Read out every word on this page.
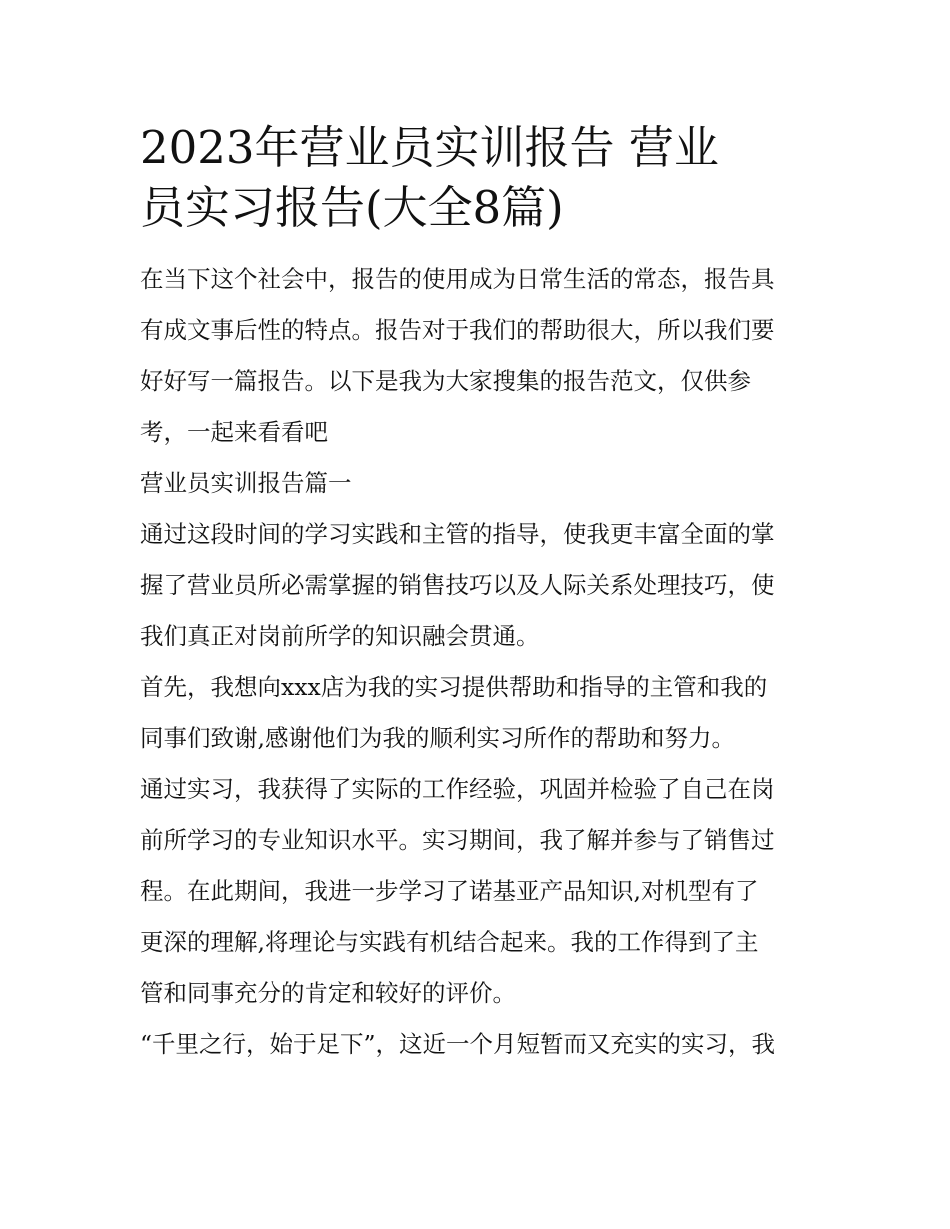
2023年营业员实训报告 营业
员实习报告(大全8篇)

在当下这个社会中，报告的使用成为日常生活的常态，报告具
有成文事后性的特点。报告对于我们的帮助很大，所以我们要
好好写一篇报告。以下是我为大家搜集的报告范文，仅供参
考，一起来看看吧

营业员实训报告篇一

通过这段时间的学习实践和主管的指导，使我更丰富全面的掌
握了营业员所必需掌握的销售技巧以及人际关系处理技巧，使
我们真正对岗前所学的知识融会贯通。

首先，我想向xxx店为我的实习提供帮助和指导的主管和我的
同事们致谢,感谢他们为我的顺利实习所作的帮助和努力。

通过实习，我获得了实际的工作经验，巩固并检验了自己在岗
前所学习的专业知识水平。实习期间，我了解并参与了销售过
程。在此期间，我进一步学习了诺基亚产品知识,对机型有了
更深的理解,将理论与实践有机结合起来。我的工作得到了主
管和同事充分的肯定和较好的评价。

“千里之行，始于足下”，这近一个月短暂而又充实的实习，我
